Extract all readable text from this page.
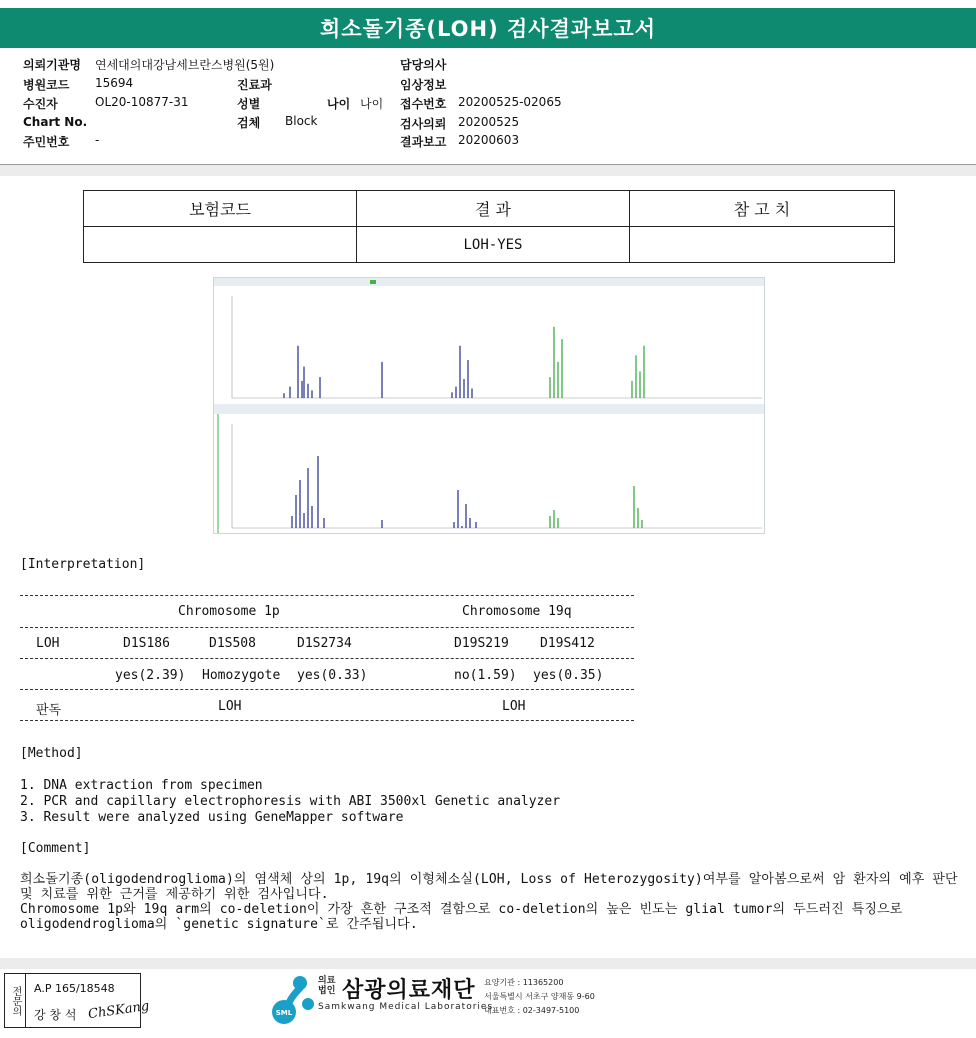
희소돌기종(LOH) 검사결과보고서
의뢰기관명 연세대의대강남세브란스병원(5원)
병원코드 15694
수진자	OL20-10877-31
Chart No.
주민번호 -
진료과
성별	나이 나이
검체 Block
담당의사
임상정보
접수번호 20200525-02065
검사의뢰 20200525
결과보고 20200603
보험코드	결 과	참 고 치
	LOH-YES	
[Interpretation]
Chromosome 1p	Chromosome 19q
LOH	D1S186	D1S508	D1S2734	D19S219 D19S412
yes(2.39) Homozygote yes(0.33)	no(1.59) yes(0.35)
판독	LOH	LOH
[Method]
1. DNA extraction from specimen
2. PCR and capillary electrophoresis with ABI 3500xl Genetic analyzer
3. Result were analyzed using GeneMapper software
[Comment]

희소돌기종(oligodendroglioma)의 염색체 상의 1p, 19q의 이형체소실(LOH, Loss of Heterozygosity)여부를 알아봄으로써 암 환자의 예후 판단 및 치료를 위한 근거를 제공하기 위한 검사입니다.

Chromosome 1p와 19q arm의 co-deletion이 가장 흔한 구조적 결함으로 co-deletion의 높은 빈도는 glial tumor의 두드러진 특징으로 oligodendroglioma의 `genetic signature`로 간주됩니다.

전문의	A.P 165/18548
강 창 석 ChSKang	SML
의료
법인 삼광의료재단
Samkwang Medical Laboratories
요양기관 : 11365200
서울특별시 서초구 양재동 9-60
대표번호 : 02-3497-5100
